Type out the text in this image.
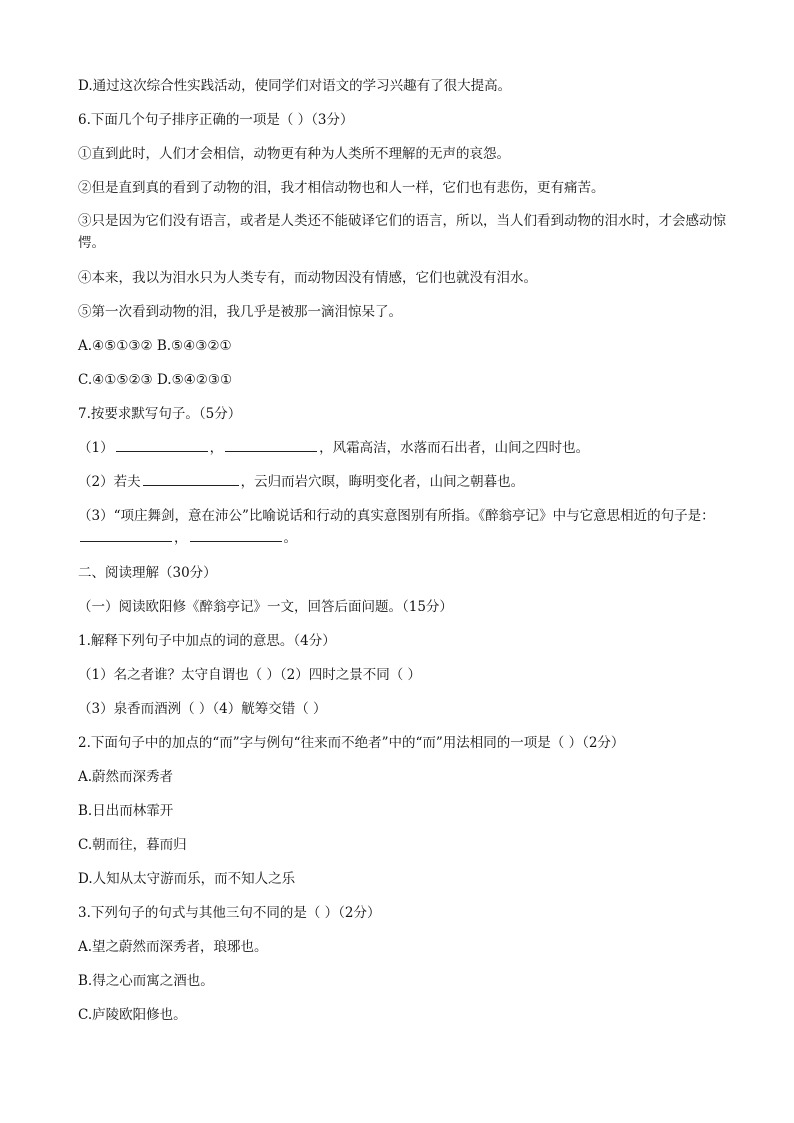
D.通过这次综合性实践活动，使同学们对语文的学习兴趣有了很大提高。
6.下面几个句子排序正确的一项是（ ）（3分）
①直到此时，人们才会相信，动物更有种为人类所不理解的无声的哀怨。
②但是直到真的看到了动物的泪，我才相信动物也和人一样，它们也有悲伤，更有痛苦。
③只是因为它们没有语言，或者是人类还不能破译它们的语言，所以，当人们看到动物的泪水时，才会感动惊愕。
④本来，我以为泪水只为人类专有，而动物因没有情感，它们也就没有泪水。
⑤第一次看到动物的泪，我几乎是被那一滴泪惊呆了。
A.④⑤①③② B.⑤④③②①
C.④①⑤②③ D.⑤④②③①
7.按要求默写句子。（5分）
（1）	，	，风霜高洁，水落而石出者，山间之四时也。
（2）若夫	，云归而岩穴暝，晦明变化者，山间之朝暮也。
（3）“项庄舞剑，意在沛公”比喻说话和行动的真实意图别有所指。《醉翁亭记》中与它意思相近的句子是：，	。
二、阅读理解（30分）
（一）阅读欧阳修《醉翁亭记》一文，回答后面问题。（15分）
1.解释下列句子中加点的词的意思。（4分）
（1）名之者谁？太守自谓也（ ）（2）四时之景不同（ ）
（3）泉香而酒洌（ ）（4）觥筹交错（ ）
2.下面句子中的加点的“而”字与例句“往来而不绝者”中的“而”用法相同的一项是（ ）（2分）
A.蔚然而深秀者
B.日出而林霏开
C.朝而往，暮而归
D.人知从太守游而乐，而不知人之乐
3.下列句子的句式与其他三句不同的是（ ）（2分）
A.望之蔚然而深秀者，琅琊也。
B.得之心而寓之酒也。
C.庐陵欧阳修也。
